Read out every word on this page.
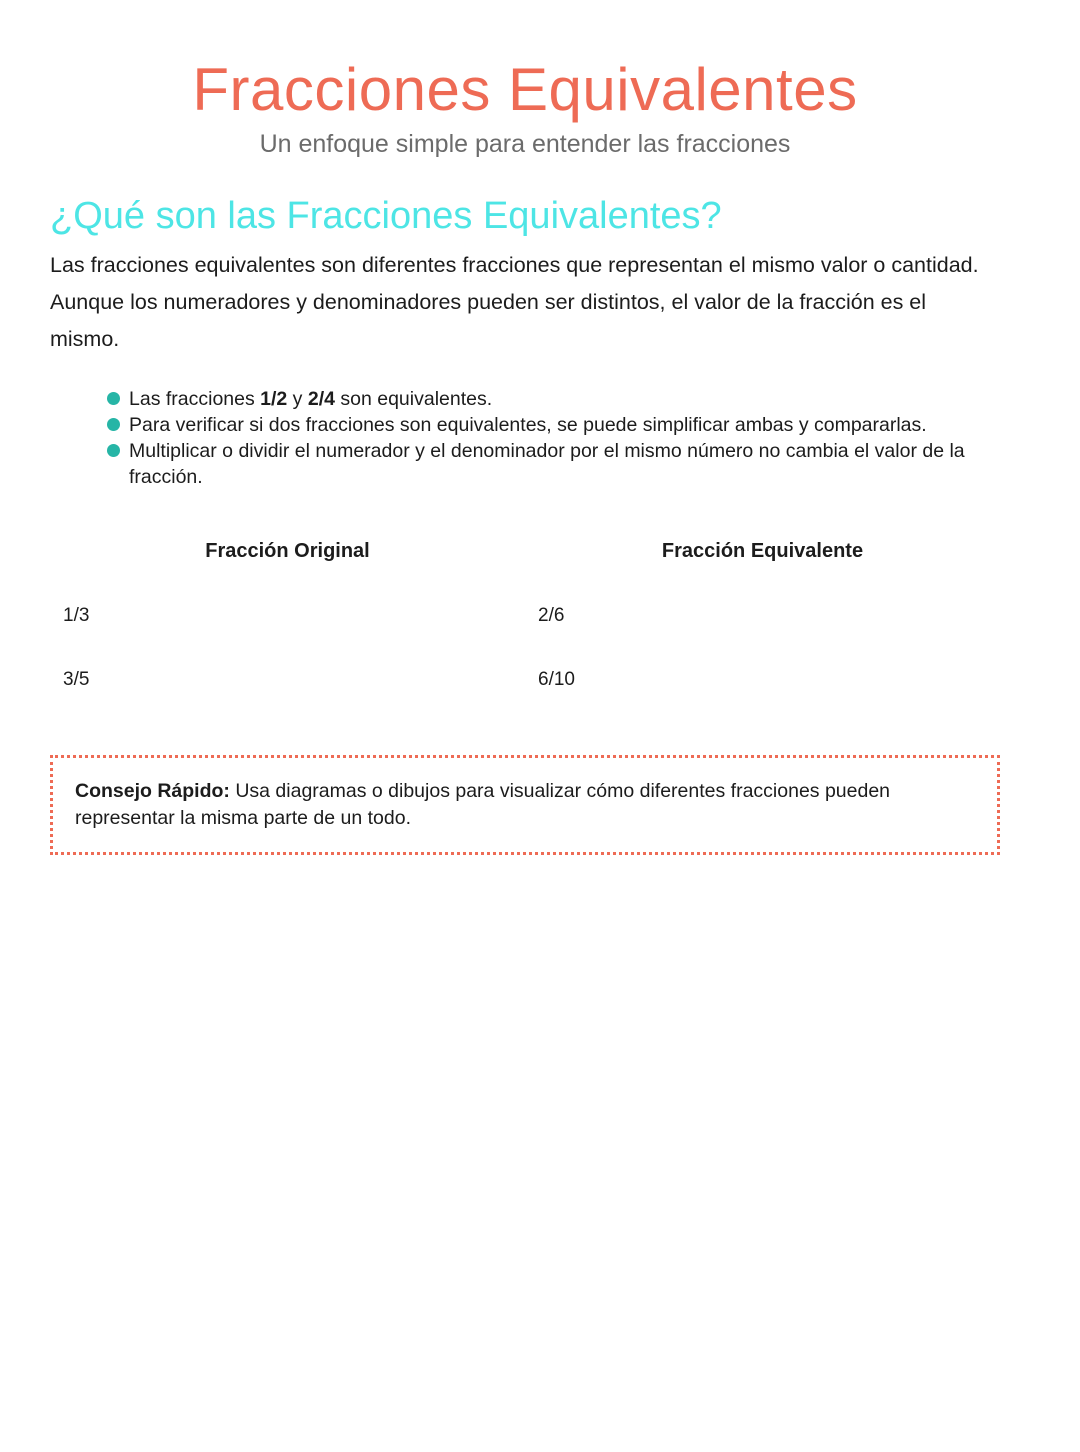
Fracciones Equivalentes

Un enfoque simple para entender las fracciones

¿Qué son las Fracciones Equivalentes?

Las fracciones equivalentes son diferentes fracciones que representan el mismo valor o cantidad. Aunque los numeradores y denominadores pueden ser distintos, el valor de la fracción es el mismo.

Las fracciones 1/2 y 2/4 son equivalentes.
Para verificar si dos fracciones son equivalentes, se puede simplificar ambas y compararlas.
Multiplicar o dividir el numerador y el denominador por el mismo número no cambia el valor de la fracción.
Fracción Original	Fracción Equivalente
1/3	2/6
3/5	6/10
Consejo Rápido: Usa diagramas o dibujos para visualizar cómo diferentes fracciones pueden representar la misma parte de un todo.
